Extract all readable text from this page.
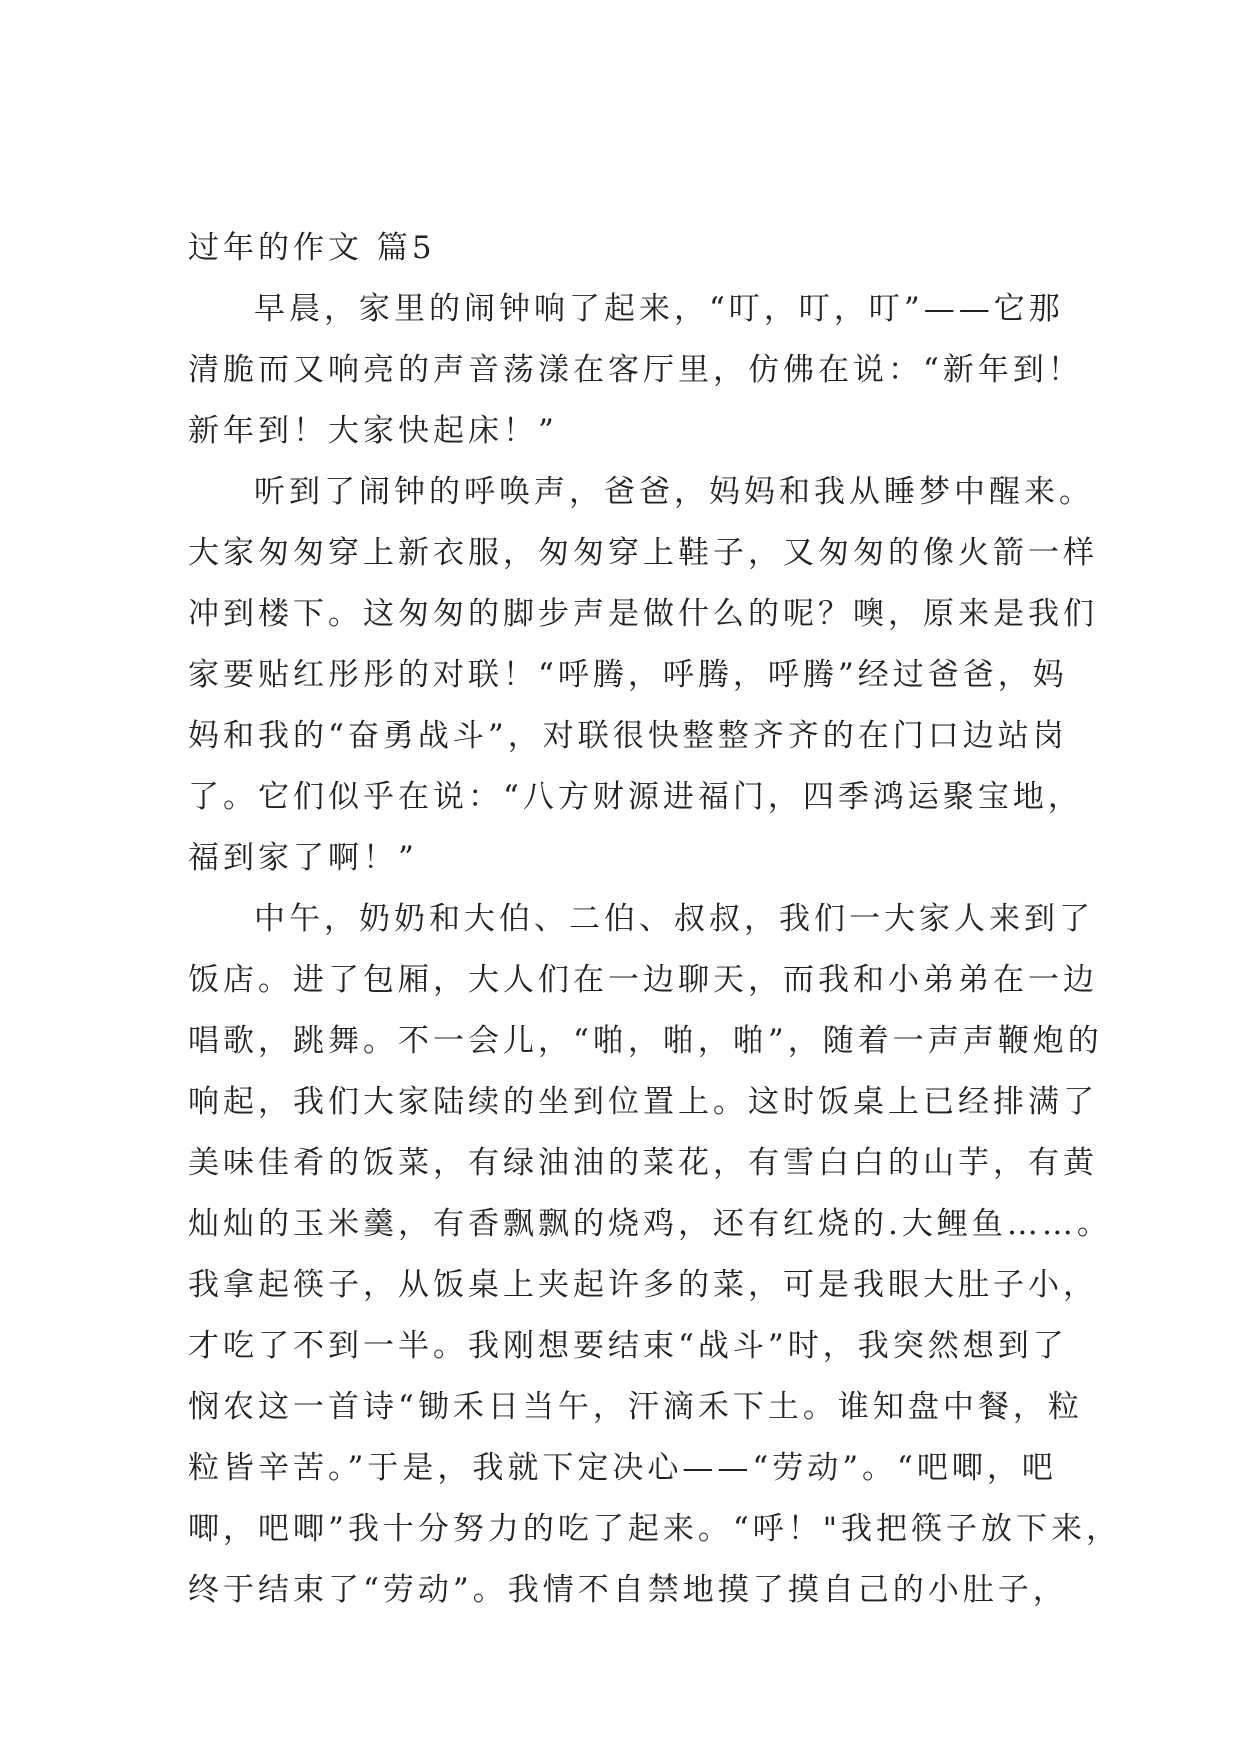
过年的作文 篇5
早晨，家里的闹钟响了起来，“叮，叮，叮”——它那
清脆而又响亮的声音荡漾在客厅里，仿佛在说：“新年到！
新年到！大家快起床！”
听到了闹钟的呼唤声，爸爸，妈妈和我从睡梦中醒来。
大家匆匆穿上新衣服，匆匆穿上鞋子，又匆匆的像火箭一样
冲到楼下。这匆匆的脚步声是做什么的呢？噢，原来是我们
家要贴红彤彤的对联！“呼腾，呼腾，呼腾”经过爸爸，妈
妈和我的“奋勇战斗”，对联很快整整齐齐的在门口边站岗
了。它们似乎在说：“八方财源进福门，四季鸿运聚宝地，
福到家了啊！”
中午，奶奶和大伯、二伯、叔叔，我们一大家人来到了
饭店。进了包厢，大人们在一边聊天，而我和小弟弟在一边
唱歌，跳舞。不一会儿，“啪，啪，啪”，随着一声声鞭炮的
响起，我们大家陆续的坐到位置上。这时饭桌上已经排满了
美味佳肴的饭菜，有绿油油的菜花，有雪白白的山芋，有黄
灿灿的玉米羹，有香飘飘的烧鸡，还有红烧的.大鲤鱼……。
我拿起筷子，从饭桌上夹起许多的菜，可是我眼大肚子小，
才吃了不到一半。我刚想要结束“战斗”时，我突然想到了
悯农这一首诗“锄禾日当午，汗滴禾下土。谁知盘中餐，粒
粒皆辛苦。”于是，我就下定决心——“劳动”。“吧唧，吧
唧，吧唧”我十分努力的吃了起来。“呼！"我把筷子放下来，
终于结束了“劳动”。我情不自禁地摸了摸自己的小肚子，
